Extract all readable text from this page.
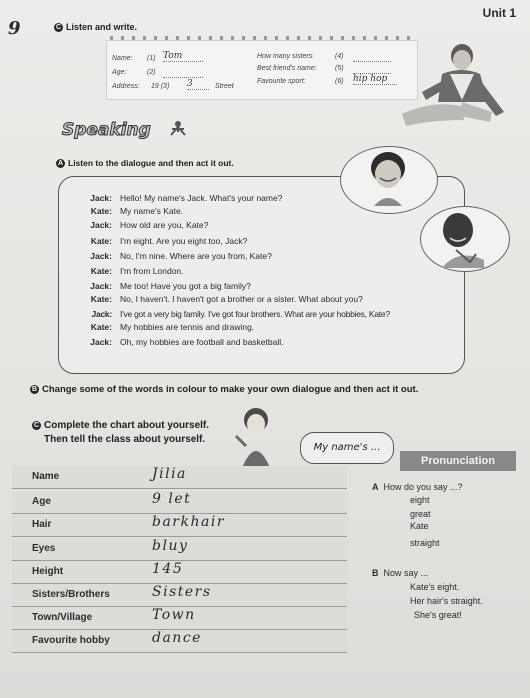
Unit 1
9	C Listen and write.
Name: (1) Tom
Age:	(2)
Address: 19 (3) 3	Street
How many sisters:	(4)
Best friend's name:	(5)
Favourite sport:	(6) hip hop
Speaking
A Listen to the dialogue and then act it out.
Jack: Hello! My name's Jack. What's your name?
Kate: My name's Kate.
Jack: How old are you, Kate?
Kate: I'm eight. Are you eight too, Jack?
Jack: No, I'm nine. Where are you from, Kate?
Kate: I'm from London.
Jack: Me too! Have you got a big family?
Kate: No, I haven't. I haven't got a brother or a sister. What about you?
Jack: I've got a very big family. I've got four brothers. What are your hobbies, Kate?
Kate: My hobbies are tennis and drawing.
Jack: Oh, my hobbies are football and basketball.
B Change some of the words in colour to make your own dialogue and then act it out.
C Complete the chart about yourself.
Then tell the class about yourself.
My name's ...
Name	Jilia
Age	9 let
Hair	barkhair
Eyes	bluy
Height	145
Sisters/Brothers	Sisters
Town/Village	Town
Favourite hobby	dance
Pronunciation
A How do you say ...?
eight
great
Kate
straight
B Now say ...
Kate's eight.
Her hair's straight.
She's great!
